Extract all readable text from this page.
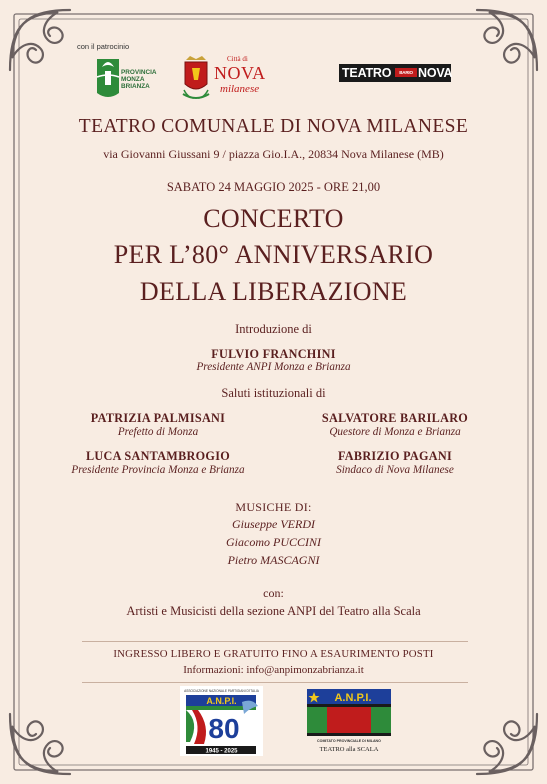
con il patrocinio
PROVINCIA
MONZA
BRIANZA
Città di
NOVA
milanese
TEATRO	BARIO NOVA
TEATRO COMUNALE DI NOVA MILANESE
via Giovanni Giussani 9 / piazza Gio.I.A., 20834 Nova Milanese (MB)
SABATO 24 MAGGIO 2025 - ORE 21,00
CONCERTO
PER L’80° ANNIVERSARIO
DELLA LIBERAZIONE
Introduzione di
FULVIO FRANCHINI
Presidente ANPI Monza e Brianza
Saluti istituzionali di
PATRIZIA PALMISANI
Prefetto di Monza
SALVATORE BARILARO
Questore di Monza e Brianza
LUCA SANTAMBROGIO
Presidente Provincia Monza e Brianza
FABRIZIO PAGANI
Sindaco di Nova Milanese
MUSICHE DI:
Giuseppe VERDI
Giacomo PUCCINI
Pietro MASCAGNI
con:
Artisti e Musicisti della sezione ANPI del Teatro alla Scala
INGRESSO LIBERO E GRATUITO FINO A ESAURIMENTO POSTI
Informazioni: info@anpimonzabrianza.it
ASSOCIAZIONE NAZIONALE PARTIGIANI D'ITALIA
A.N.P.I.
80
1945 - 2025
A.N.P.I.
COMITATO PROVINCIALE DI MILANO
TEATRO alla SCALA
